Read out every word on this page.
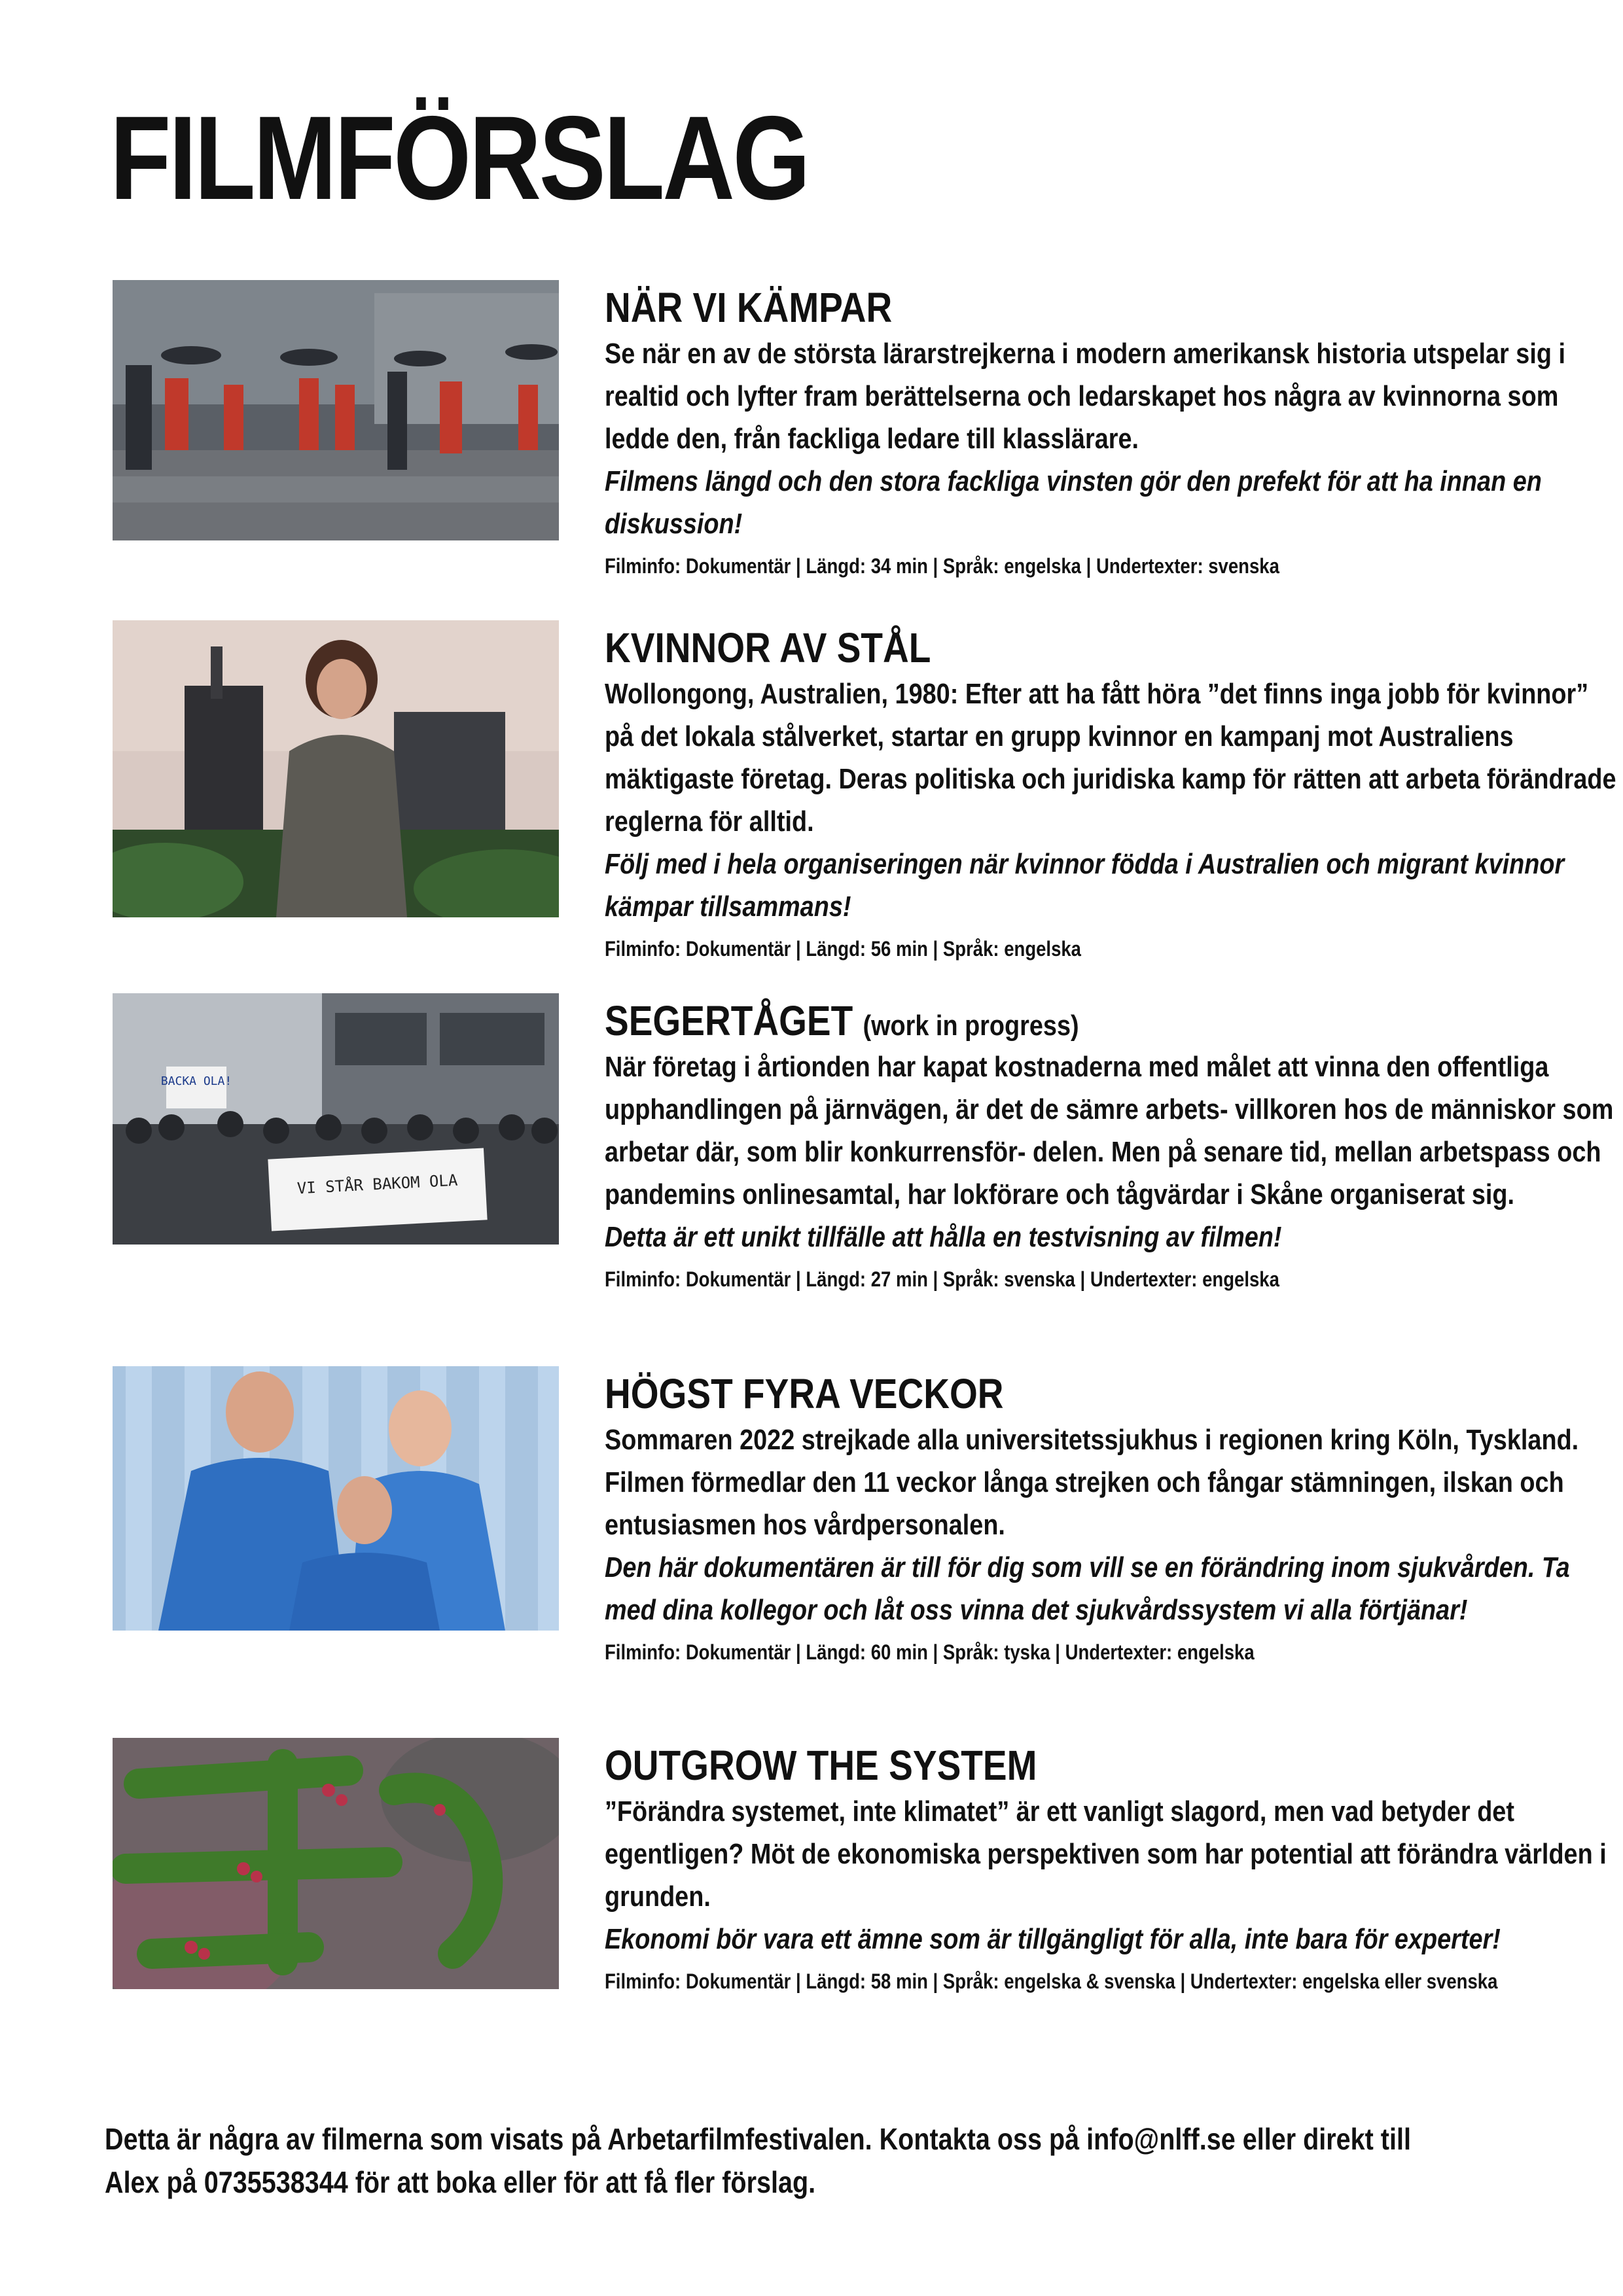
FILMFÖRSLAG
NÄR VI KÄMPAR

Se när en av de största lärarstrejkerna i modern amerikansk historia utspelar sig i realtid och lyfter fram berättelserna och ledarskapet hos några av kvinnorna som ledde den, från fackliga ledare till klasslärare.

Filmens längd och den stora fackliga vinsten gör den prefekt för att ha innan en diskussion!

Filminfo: Dokumentär | Längd: 34 min | Språk: engelska | Undertexter: svenska
KVINNOR AV STÅL

Wollongong, Australien, 1980: Efter att ha fått höra ”det finns inga jobb för kvinnor” på det lokala stålverket, startar en grupp kvinnor en kampanj mot Australiens mäktigaste företag. Deras politiska och juridiska kamp för rätten att arbeta förändrade reglerna för alltid.

Följ med i hela organiseringen när kvinnor födda i Australien och migrant kvinnor kämpar tillsammans!

Filminfo: Dokumentär | Längd: 56 min | Språk: engelska
BACKA OLA!
VI STÅR BAKOM OLA
SEGERTÅGET (work in progress)

När företag i årtionden har kapat kostnaderna med målet att vinna den offentliga upphandlingen på järnvägen, är det de sämre arbets- villkoren hos de människor som arbetar där, som blir konkurrensför- delen. Men på senare tid, mellan arbetspass och pandemins onlinesamtal, har lokförare och tågvärdar i Skåne organiserat sig.

Detta är ett unikt tillfälle att hålla en testvisning av filmen!

Filminfo: Dokumentär | Längd: 27 min | Språk: svenska | Undertexter: engelska
HÖGST FYRA VECKOR

Sommaren 2022 strejkade alla universitetssjukhus i regionen kring Köln, Tyskland. Filmen förmedlar den 11 veckor långa strejken och fångar stämningen, ilskan och entusiasmen hos vårdpersonalen.

Den här dokumentären är till för dig som vill se en förändring inom sjukvården. Ta med dina kollegor och låt oss vinna det sjukvårdssystem vi alla förtjänar!

Filminfo: Dokumentär | Längd: 60 min | Språk: tyska | Undertexter: engelska
OUTGROW THE SYSTEM

”Förändra systemet, inte klimatet” är ett vanligt slagord, men vad betyder det egentligen? Möt de ekonomiska perspektiven som har potential att förändra världen i grunden.

Ekonomi bör vara ett ämne som är tillgängligt för alla, inte bara för experter!

Filminfo: Dokumentär | Längd: 58 min | Språk: engelska & svenska | Undertexter: engelska eller svenska
Detta är några av filmerna som visats på Arbetarfilmfestivalen. Kontakta oss på info@nlff.se eller direkt till Alex på 0735538344 för att boka eller för att få fler förslag.
